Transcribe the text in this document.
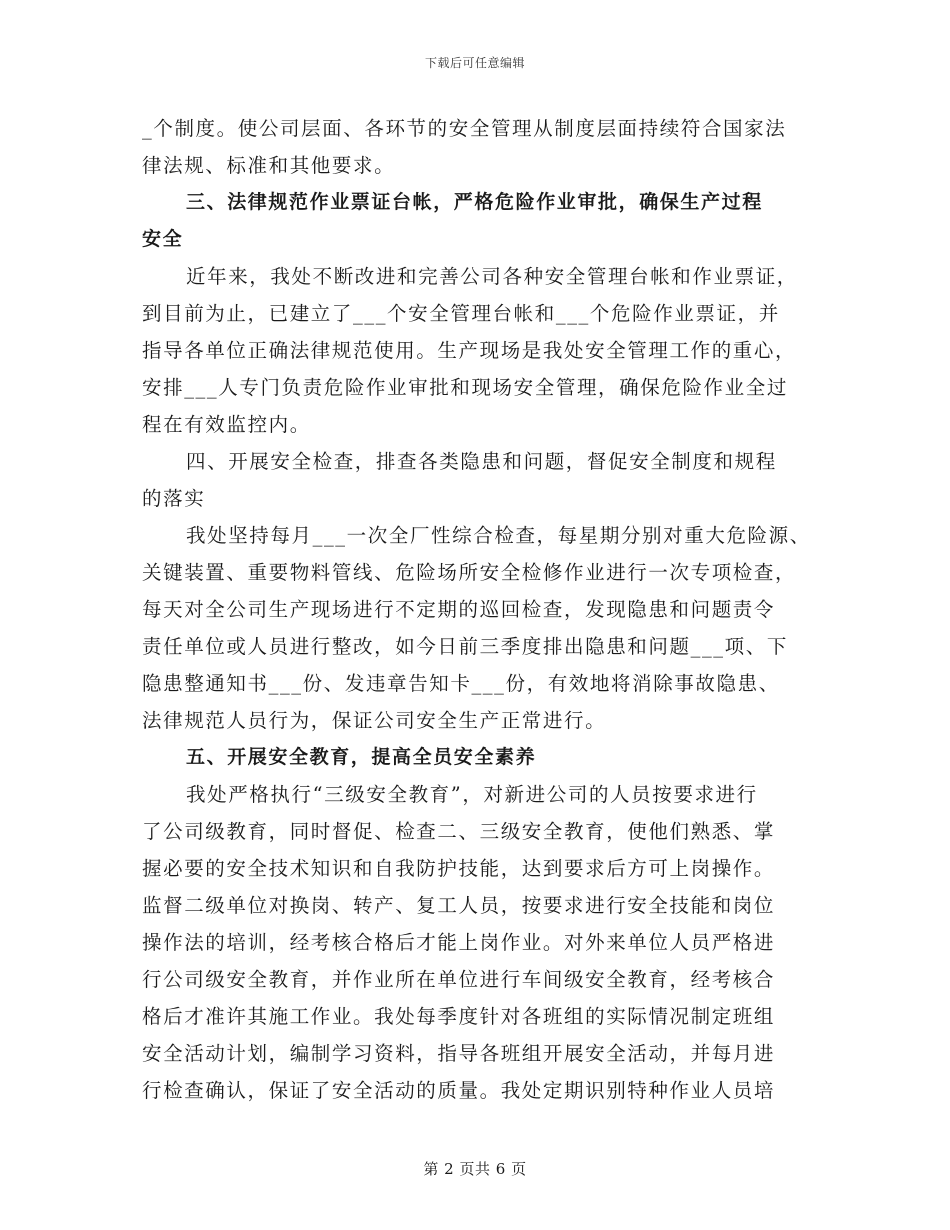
下载后可任意编辑
_个制度。使公司层面、各环节的安全管理从制度层面持续符合国家法
律法规、标准和其他要求。
三、法律规范作业票证台帐，严格危险作业审批，确保生产过程
安全
近年来，我处不断改进和完善公司各种安全管理台帐和作业票证，
到目前为止，已建立了___个安全管理台帐和___个危险作业票证，并
指导各单位正确法律规范使用。生产现场是我处安全管理工作的重心，
安排___人专门负责危险作业审批和现场安全管理，确保危险作业全过
程在有效监控内。
四、开展安全检查，排查各类隐患和问题，督促安全制度和规程
的落实
我处坚持每月___一次全厂性综合检查，每星期分别对重大危险源、
关键装置、重要物料管线、危险场所安全检修作业进行一次专项检查，
每天对全公司生产现场进行不定期的巡回检查，发现隐患和问题责令
责任单位或人员进行整改，如今日前三季度排出隐患和问题___项、下
隐患整通知书___份、发违章告知卡___份，有效地将消除事故隐患、
法律规范人员行为，保证公司安全生产正常进行。
五、开展安全教育，提高全员安全素养
我处严格执行“三级安全教育”，对新进公司的人员按要求进行
了公司级教育，同时督促、检查二、三级安全教育，使他们熟悉、掌
握必要的安全技术知识和自我防护技能，达到要求后方可上岗操作。
监督二级单位对换岗、转产、复工人员，按要求进行安全技能和岗位
操作法的培训，经考核合格后才能上岗作业。对外来单位人员严格进
行公司级安全教育，并作业所在单位进行车间级安全教育，经考核合
格后才准许其施工作业。我处每季度针对各班组的实际情况制定班组
安全活动计划，编制学习资料，指导各班组开展安全活动，并每月进
行检查确认，保证了安全活动的质量。我处定期识别特种作业人员培
第 2 页共 6 页
